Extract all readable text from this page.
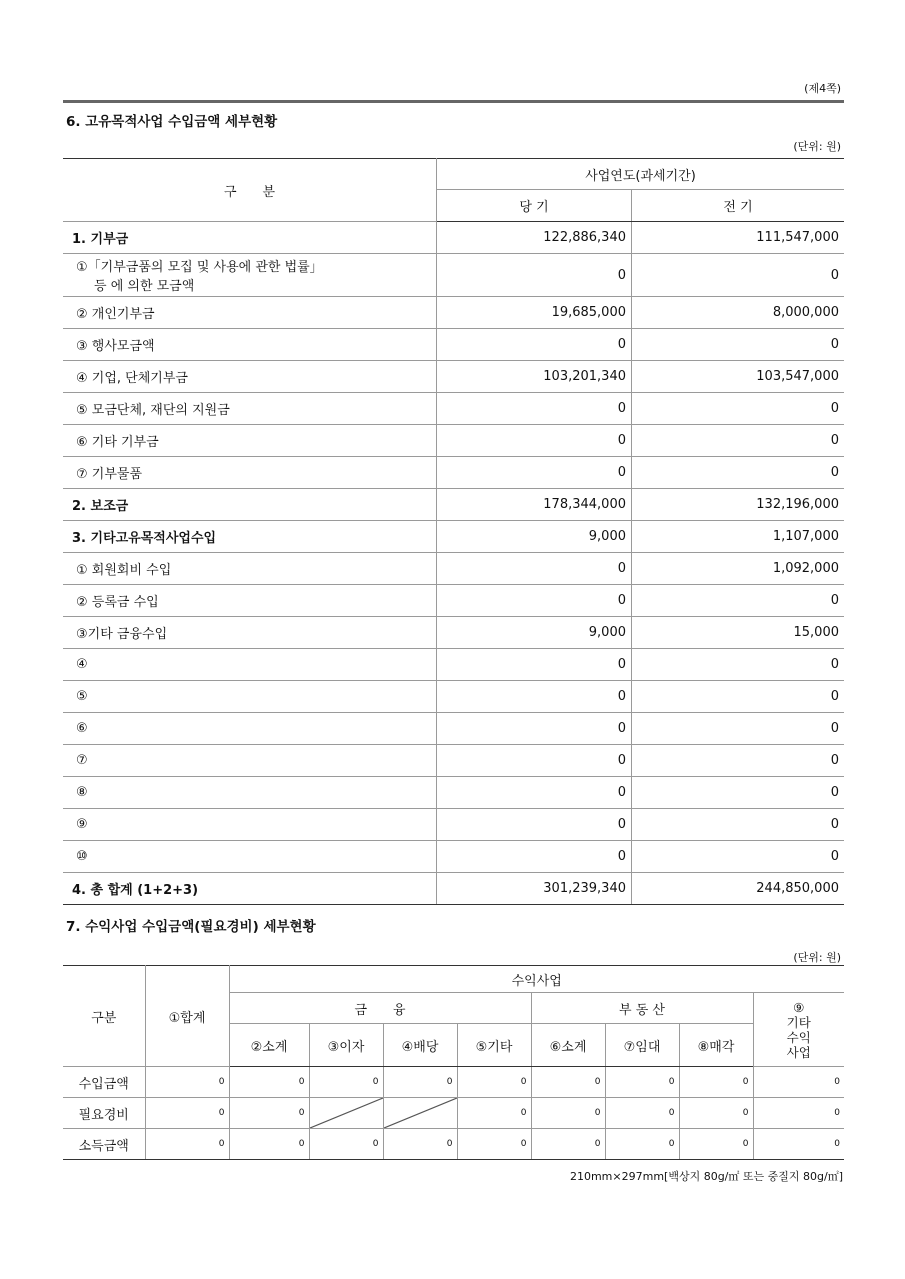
(제4쪽)
6. 고유목적사업 수입금액 세부현황
(단위: 원)
구　　분	사업연도(과세기간)	
	당 기	전 기

1. 기부금	122,886,340	111,547,000

①「기부금품의 모집 및 사용에 관한 법률」
등 에 의한 모금액	0	0

② 개인기부금	19,685,000	8,000,000

③ 행사모금액	0	0

④ 기업, 단체기부금	103,201,340	103,547,000

⑤ 모금단체, 재단의 지원금	0	0

⑥ 기타 기부금	0	0

⑦ 기부물품	0	0

2. 보조금	178,344,000	132,196,000

3. 기타고유목적사업수입	9,000	1,107,000

① 회원회비 수입	0	1,092,000

② 등록금 수입	0	0

③기타 금융수입	9,000	15,000

④	0	0

⑤	0	0

⑥	0	0

⑦	0	0

⑧	0	0

⑨	0	0

⑩	0	0

4. 총 합계 (1+2+3)	301,239,340	244,850,000
7. 수익사업 수입금액(필요경비) 세부현황
(단위: 원)
구분	①합계	수익사업							
		금　　융				부 동 산			⑨
기타
수익
사업

		②소계	③이자	④배당	⑤기타	⑥소계	⑦임대	⑧매각	
수입금액	0	0	0	0	0	0	0	0	0
필요경비	0	0			0	0	0	0	0
소득금액	0	0	0	0	0	0	0	0	0
210mm×297mm[백상지 80g/㎡ 또는 중질지 80g/㎡]
